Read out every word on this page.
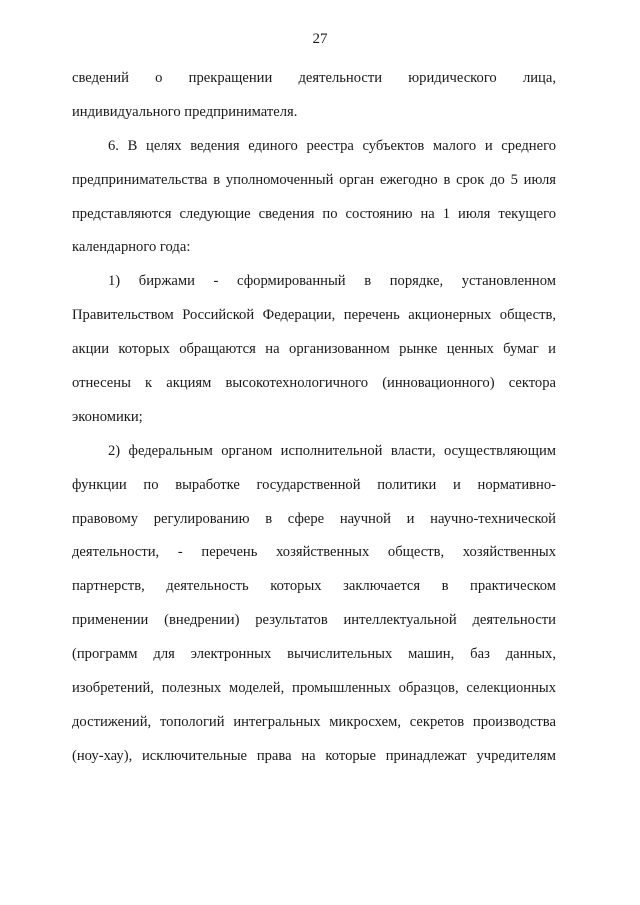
27
сведений о прекращении деятельности юридического лица,
индивидуального предпринимателя.
6. В целях ведения единого реестра субъектов малого и среднего
предпринимательства в уполномоченный орган ежегодно в срок до 5 июля
представляются следующие сведения по состоянию на 1 июля текущего
календарного года:
1) биржами - сформированный в порядке, установленном
Правительством Российской Федерации, перечень акционерных обществ,
акции которых обращаются на организованном рынке ценных бумаг и
отнесены к акциям высокотехнологичного (инновационного) сектора
экономики;
2) федеральным органом исполнительной власти, осуществляющим
функции по выработке государственной политики и нормативно-
правовому регулированию в сфере научной и научно-технической
деятельности, - перечень хозяйственных обществ, хозяйственных
партнерств, деятельность которых заключается в практическом
применении (внедрении) результатов интеллектуальной деятельности
(программ для электронных вычислительных машин, баз данных,
изобретений, полезных моделей, промышленных образцов, селекционных
достижений, топологий интегральных микросхем, секретов производства
(ноу-хау), исключительные права на которые принадлежат учредителям
